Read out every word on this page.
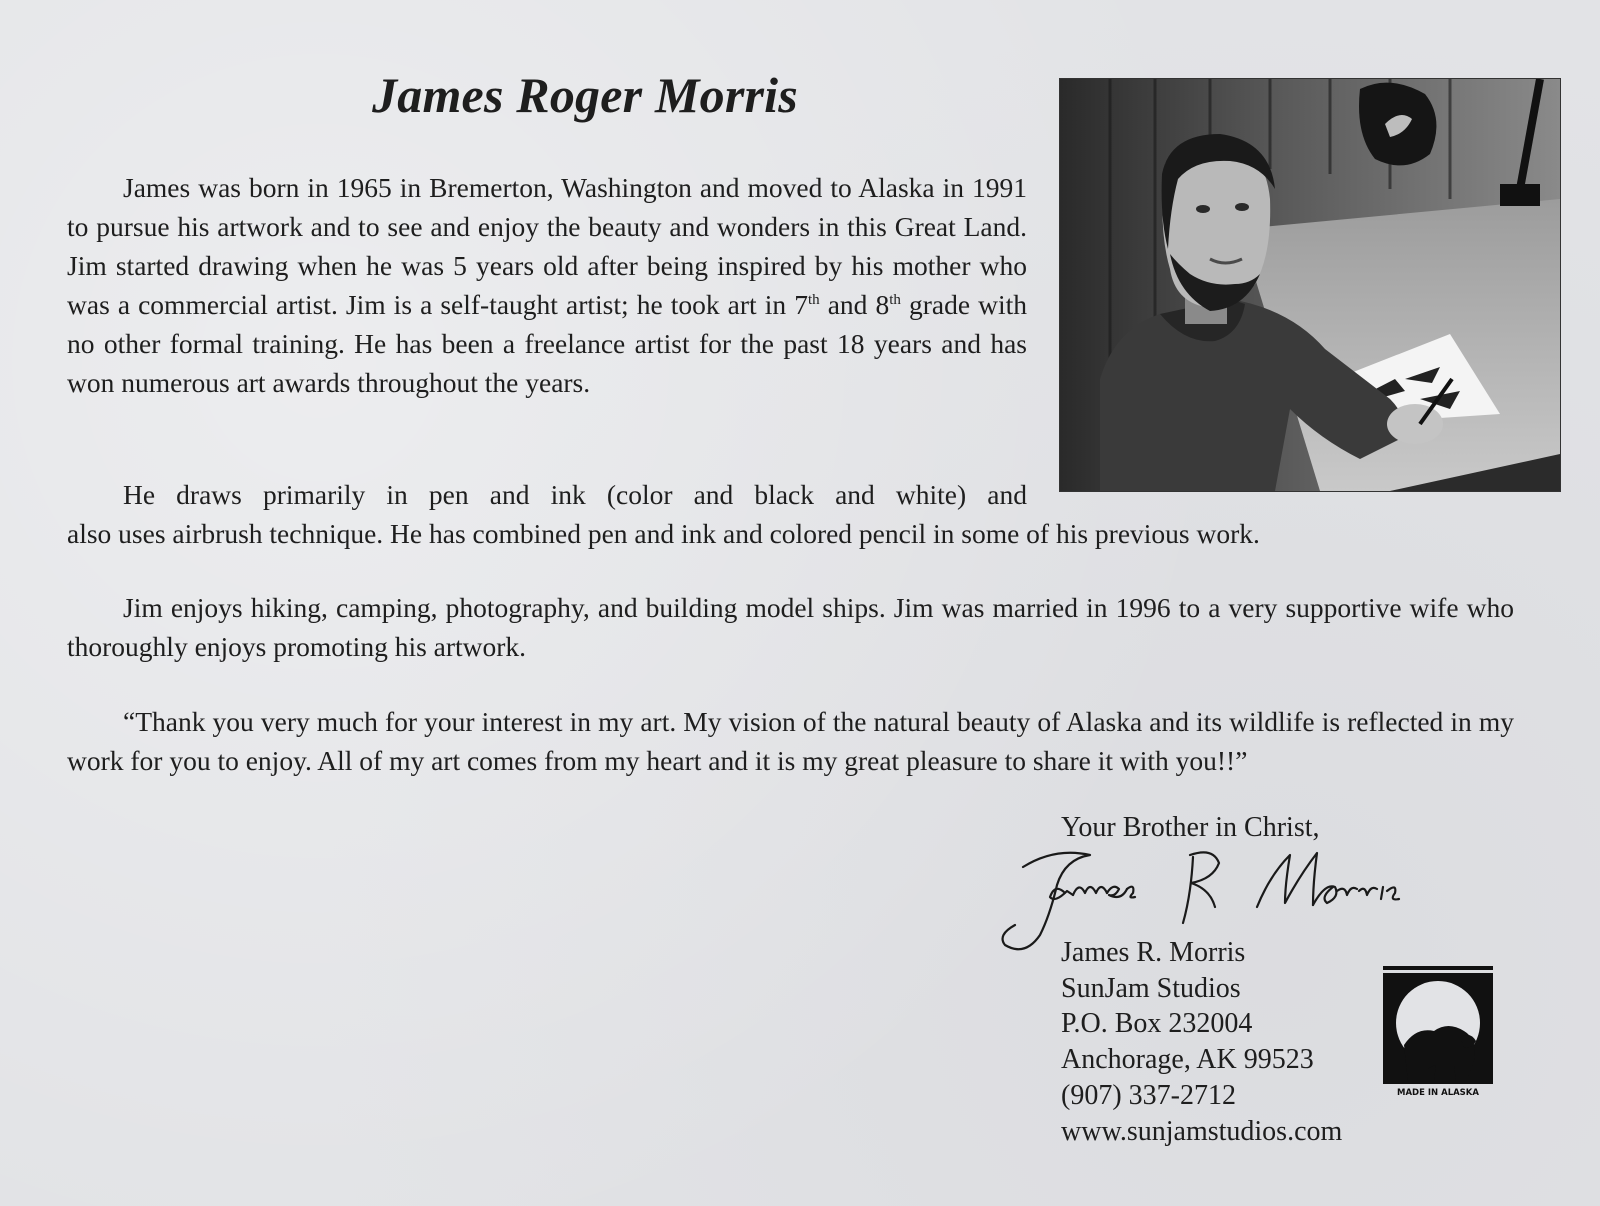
James Roger Morris

James was born in 1965 in Bremerton, Washington and moved to Alaska in 1991 to pursue his artwork and to see and enjoy the beauty and wonders in this Great Land. Jim started drawing when he was 5 years old after being inspired by his mother who was a commercial artist. Jim is a self-taught artist; he took art in 7th and 8th grade with no other formal training. He has been a freelance artist for the past 18 years and has won numerous art awards throughout the years.

He draws primarily in pen and ink (color and black and white) and
also uses airbrush technique. He has combined pen and ink and colored pencil in some of his previous work.

Jim enjoys hiking, camping, photography, and building model ships. Jim was married in 1996 to a very supportive wife who thoroughly enjoys promoting his artwork.

“Thank you very much for your interest in my art. My vision of the natural beauty of Alaska and its wildlife is reflected in my work for you to enjoy. All of my art comes from my heart and it is my great pleasure to share it with you!!”

Your Brother in Christ,
James R Morris James R. Morris
SunJam Studios
P.O. Box 232004
Anchorage, AK 99523
(907) 337-2712
www.sunjamstudios.com
MADE IN ALASKA
